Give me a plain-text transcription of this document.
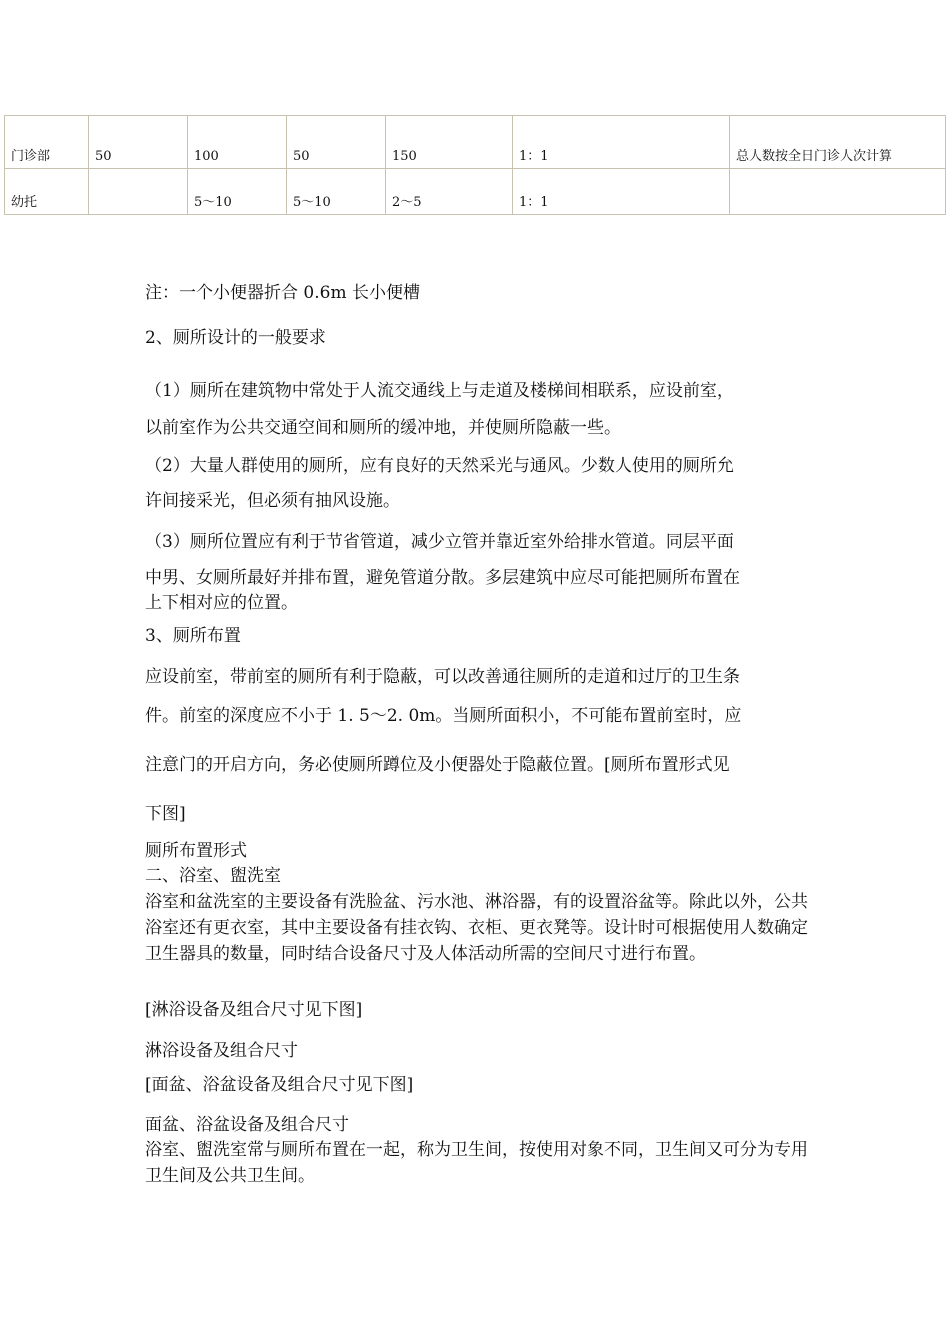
门诊部	50	100	50	150	1：1	总人数按全日门诊人次计算
幼托		5～10	5～10	2～5	1：1	
注：一个小便器折合 0.6m 长小便槽
2、厕所设计的一般要求
（1）厕所在建筑物中常处于人流交通线上与走道及楼梯间相联系，应设前室，
以前室作为公共交通空间和厕所的缓冲地，并使厕所隐蔽一些。
（2）大量人群使用的厕所，应有良好的天然采光与通风。少数人使用的厕所允
许间接采光，但必须有抽风设施。
（3）厕所位置应有利于节省管道，减少立管并靠近室外给排水管道。同层平面
中男、女厕所最好并排布置，避免管道分散。多层建筑中应尽可能把厕所布置在
上下相对应的位置。
3、厕所布置
应设前室，带前室的厕所有利于隐蔽，可以改善通往厕所的走道和过厅的卫生条
件。前室的深度应不小于 1. 5～2. 0m。当厕所面积小，不可能布置前室时，应
注意门的开启方向，务必使厕所蹲位及小便器处于隐蔽位置。[厕所布置形式见
下图]
厕所布置形式
二、浴室、盥洗室
浴室和盆洗室的主要设备有洗脸盆、污水池、淋浴器，有的设置浴盆等。除此以外，公共浴室还有更衣室，其中主要设备有挂衣钩、衣柜、更衣凳等。设计时可根据使用人数确定卫生器具的数量，同时结合设备尺寸及人体活动所需的空间尺寸进行布置。
[淋浴设备及组合尺寸见下图]
淋浴设备及组合尺寸
[面盆、浴盆设备及组合尺寸见下图]
面盆、浴盆设备及组合尺寸
浴室、盥洗室常与厕所布置在一起，称为卫生间，按使用对象不同，卫生间又可分为专用卫生间及公共卫生间。
